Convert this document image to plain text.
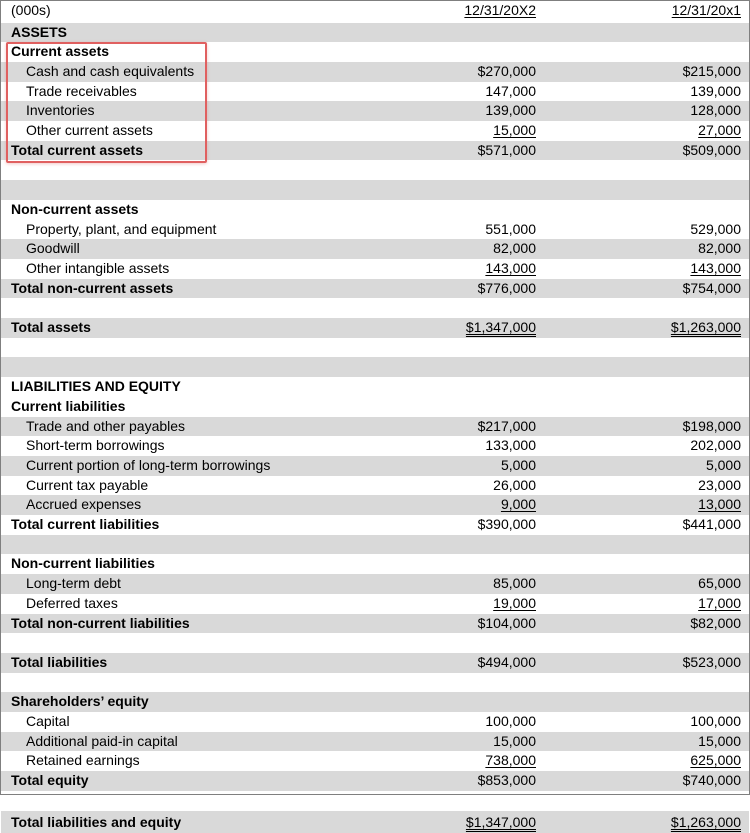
(000s)	12/31/20X2	12/31/20x1
ASSETS
Current assets
Cash and cash equivalents	$270,000	$215,000
Trade receivables	147,000	139,000
Inventories	139,000	128,000
Other current assets	15,000	27,000
Total current assets	$571,000	$509,000
Non-current assets
Property, plant, and equipment	551,000	529,000
Goodwill	82,000	82,000
Other intangible assets	143,000	143,000
Total non-current assets	$776,000	$754,000
Total assets	$1,347,000	$1,263,000
LIABILITIES AND EQUITY
Current liabilities
Trade and other payables	$217,000	$198,000
Short-term borrowings	133,000	202,000
Current portion of long-term borrowings	5,000	5,000
Current tax payable	26,000	23,000
Accrued expenses	9,000	13,000
Total current liabilities	$390,000	$441,000
Non-current liabilities
Long-term debt	85,000	65,000
Deferred taxes	19,000	17,000
Total non-current liabilities	$104,000	$82,000
Total liabilities	$494,000	$523,000
Shareholders’ equity
Capital	100,000	100,000
Additional paid-in capital	15,000	15,000
Retained earnings	738,000	625,000
Total equity	$853,000	$740,000
Total liabilities and equity	$1,347,000	$1,263,000
